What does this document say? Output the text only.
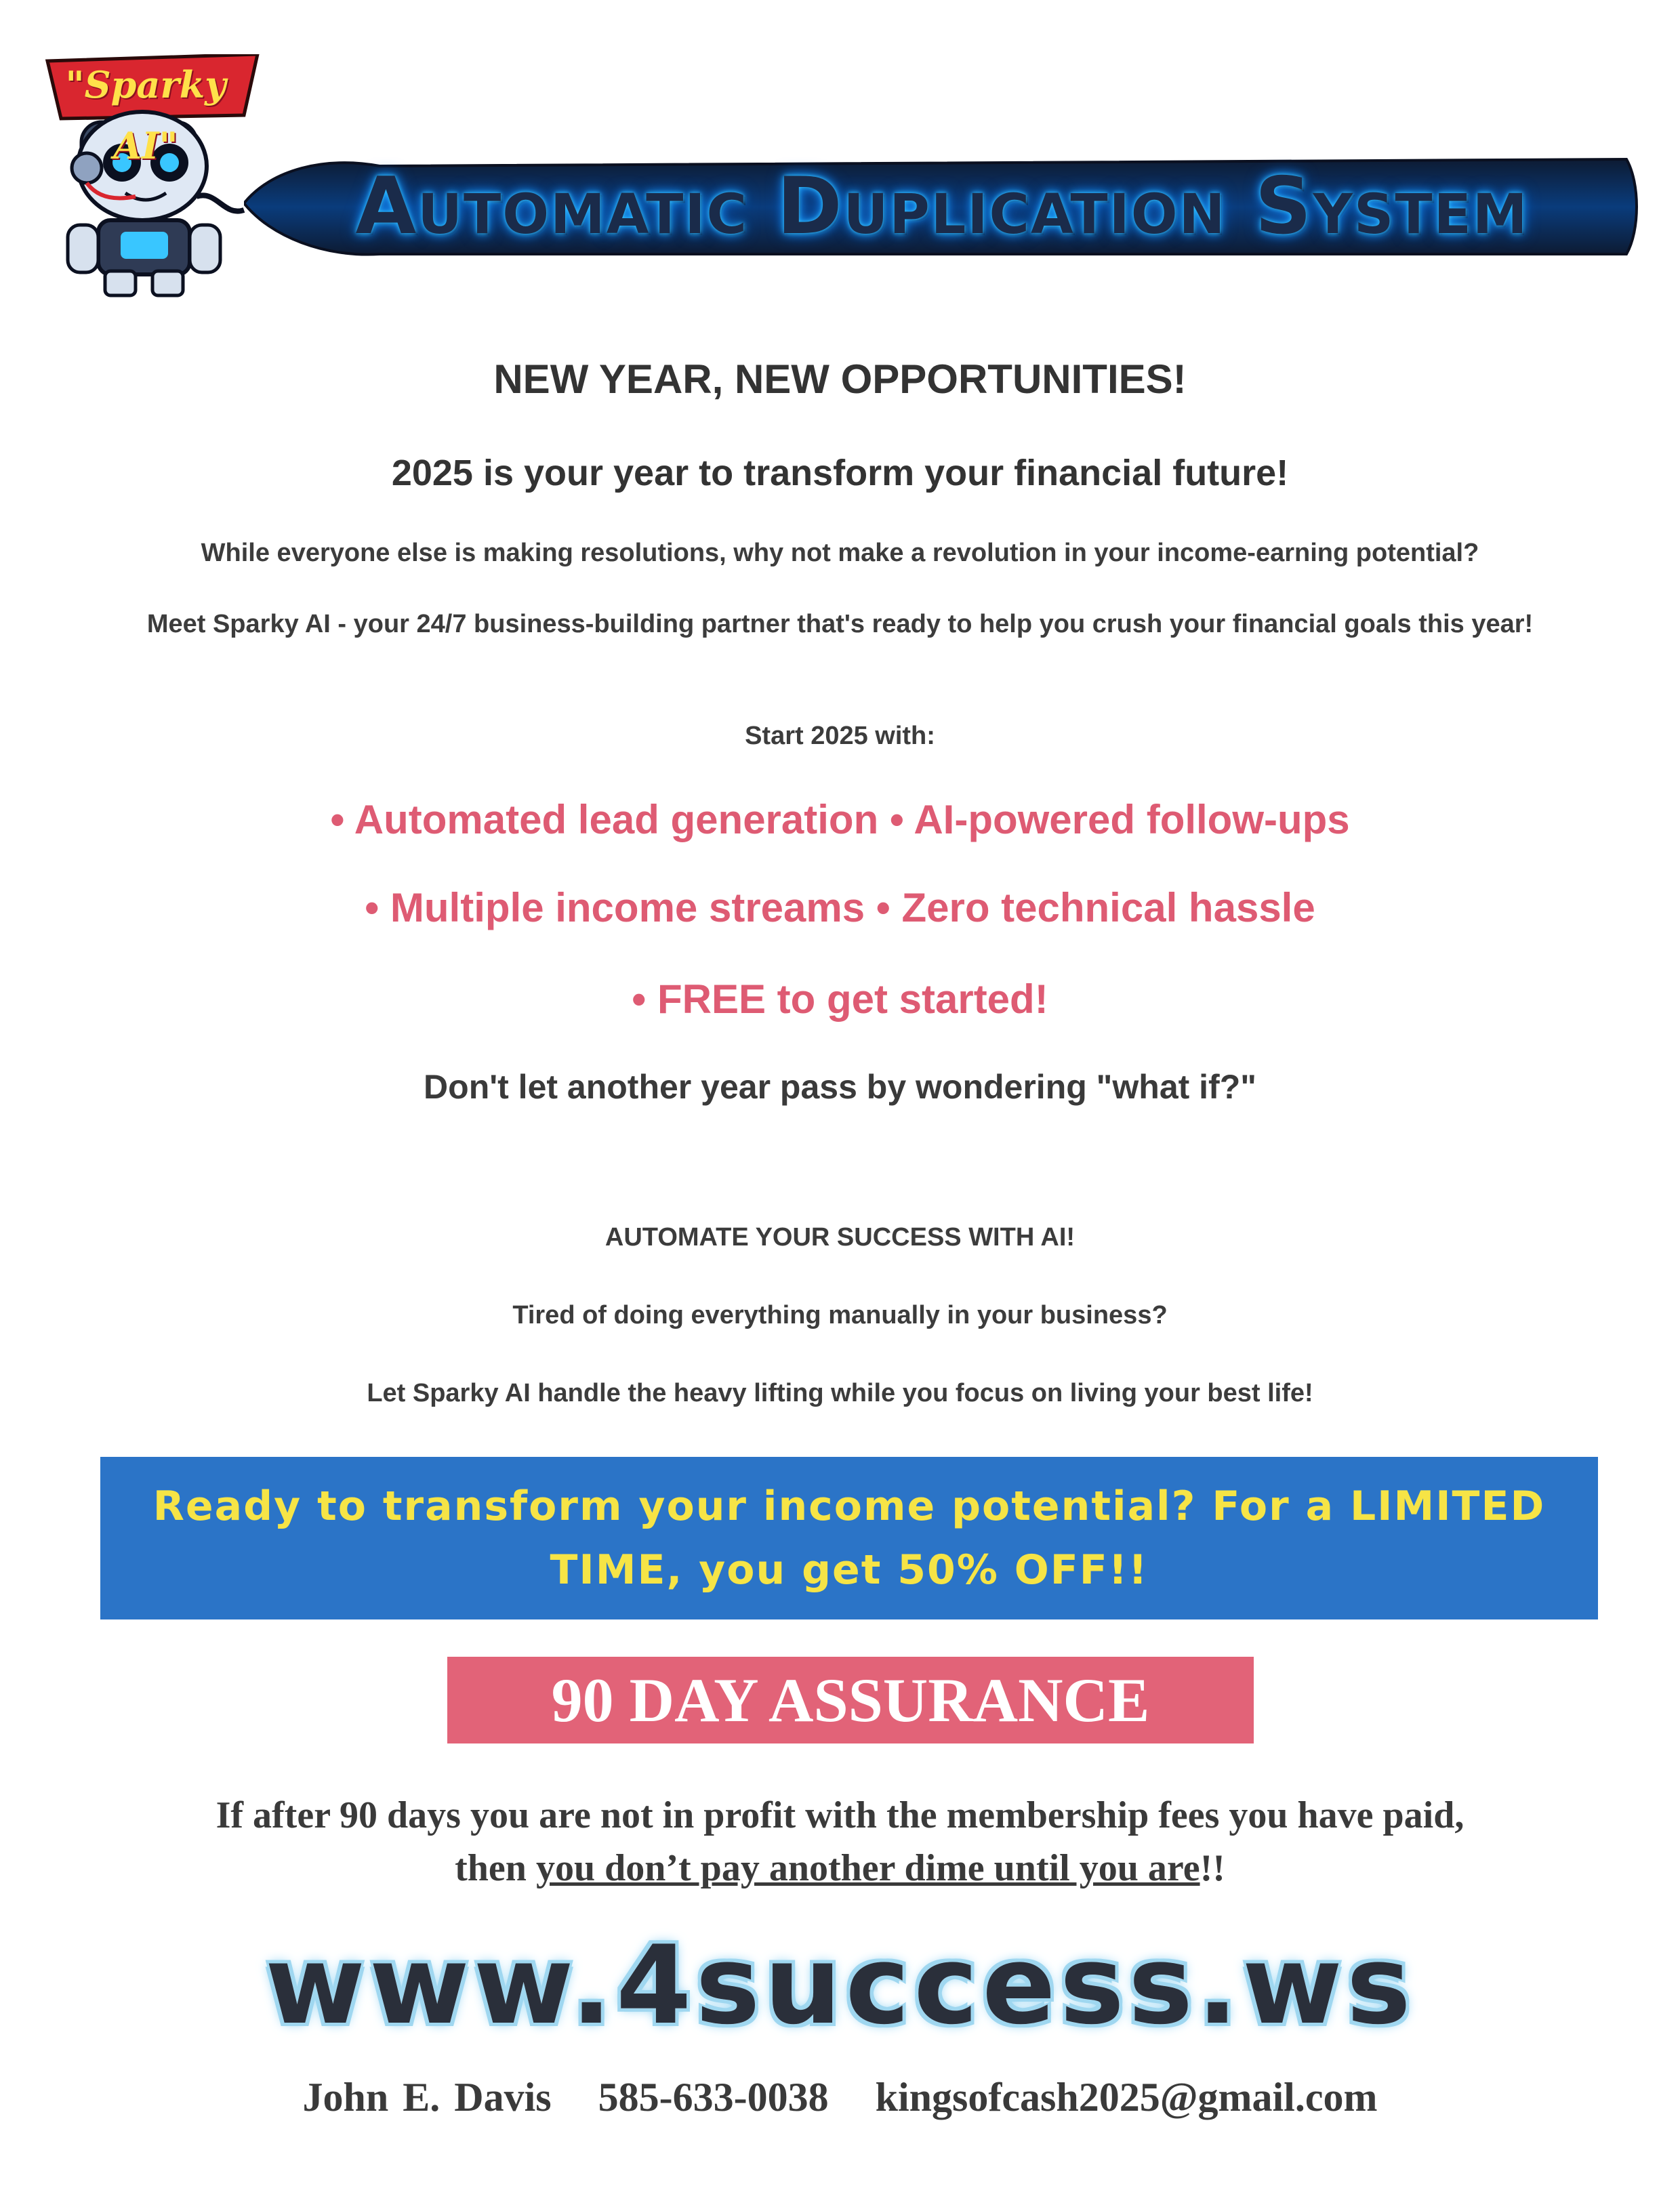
"Sparky AI"
Automatic Duplication System
NEW YEAR, NEW OPPORTUNITIES!
2025 is your year to transform your financial future!
While everyone else is making resolutions, why not make a revolution in your income-earning potential?
Meet Sparky AI - your 24/7 business-building partner that's ready to help you crush your financial goals this year!
Start 2025 with:
• Automated lead generation • AI-powered follow-ups
• Multiple income streams • Zero technical hassle
• FREE to get started!
Don't let another year pass by wondering "what if?"
AUTOMATE YOUR SUCCESS WITH AI!
Tired of doing everything manually in your business?
Let Sparky AI handle the heavy lifting while you focus on living your best life!
Ready to transform your income potential? For a LIMITED TIME, you get 50% OFF!!
90 DAY ASSURANCE
If after 90 days you are not in profit with the membership fees you have paid,
then you don’t pay another dime until you are!!
www.4success.ws
John E. Davis 585-633-0038 kingsofcash2025@gmail.com
